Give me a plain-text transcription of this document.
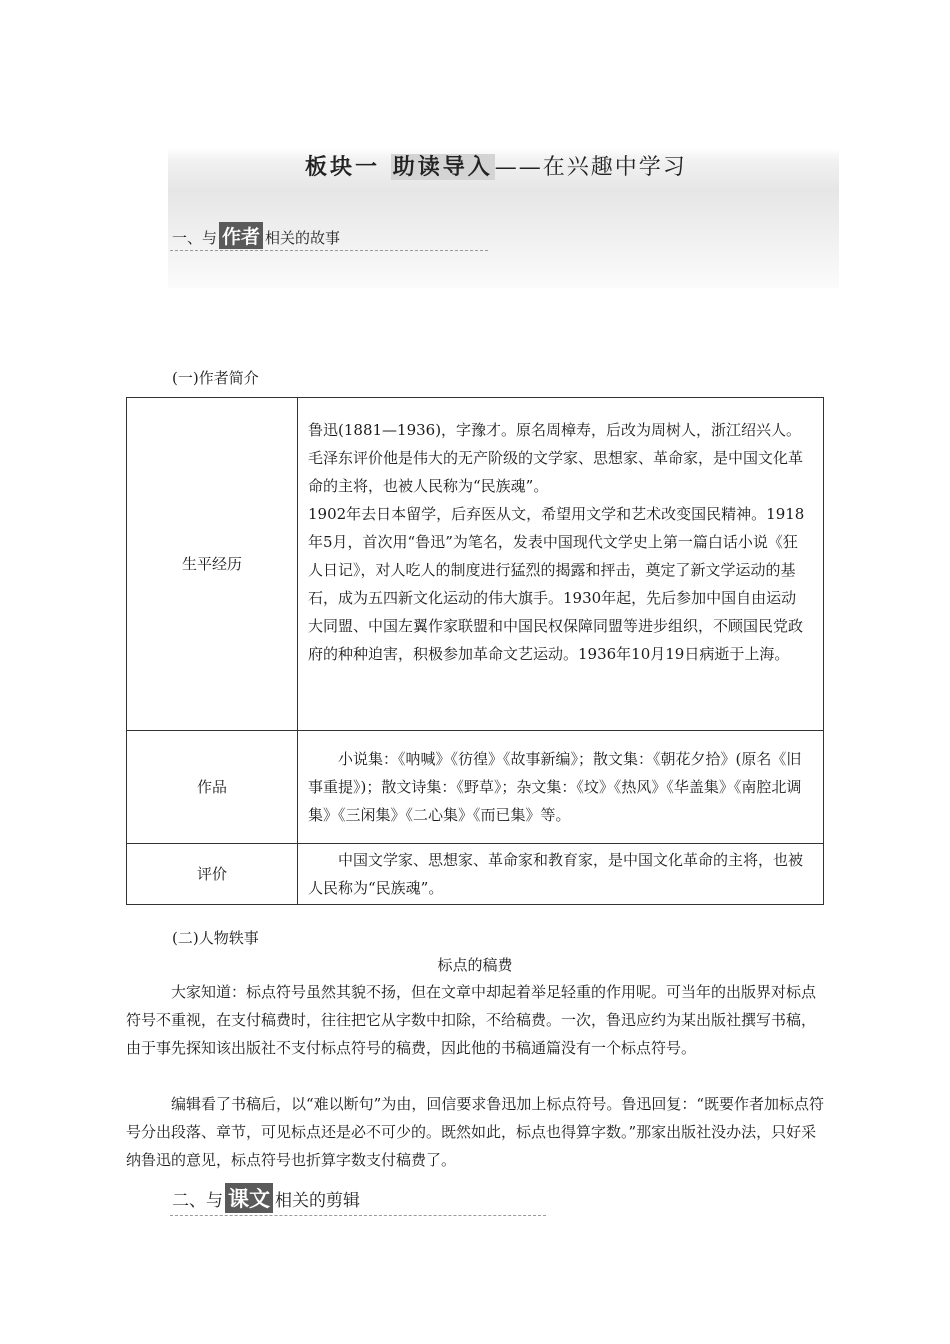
板块一 助读导入——在兴趣中学习
一、与 作者 相关的故事
(一)作者简介
生平经历	鲁迅(1881—1936)，字豫才。原名周樟寿，后改为周树人，浙江绍兴人。毛泽东评价他是伟大的无产阶级的文学家、思想家、革命家，是中国文化革命的主将，也被人民称为“民族魂”。
1902年去日本留学，后弃医从文，希望用文学和艺术改变国民精神。1918年5月，首次用“鲁迅”为笔名，发表中国现代文学史上第一篇白话小说《狂人日记》，对人吃人的制度进行猛烈的揭露和抨击，奠定了新文学运动的基石，成为五四新文化运动的伟大旗手。1930年起，先后参加中国自由运动大同盟、中国左翼作家联盟和中国民权保障同盟等进步组织，不顾国民党政府的种种迫害，积极参加革命文艺运动。1936年10月19日病逝于上海。

作品	小说集：《呐喊》《彷徨》《故事新编》；散文集：《朝花夕拾》(原名《旧事重提》)；散文诗集：《野草》；杂文集：《坟》《热风》《华盖集》《南腔北调集》《三闲集》《二心集》《而已集》等。
评价	中国文学家、思想家、革命家和教育家，是中国文化革命的主将，也被人民称为“民族魂”。
(二)人物轶事
标点的稿费
大家知道：标点符号虽然其貌不扬，但在文章中却起着举足轻重的作用呢。可当年的出版界对标点符号不重视，在支付稿费时，往往把它从字数中扣除，不给稿费。一次，鲁迅应约为某出版社撰写书稿，由于事先探知该出版社不支付标点符号的稿费，因此他的书稿通篇没有一个标点符号。
编辑看了书稿后，以“难以断句”为由，回信要求鲁迅加上标点符号。鲁迅回复：“既要作者加标点符号分出段落、章节，可见标点还是必不可少的。既然如此，标点也得算字数。”那家出版社没办法，只好采纳鲁迅的意见，标点符号也折算字数支付稿费了。
二、与 课文 相关的剪辑
